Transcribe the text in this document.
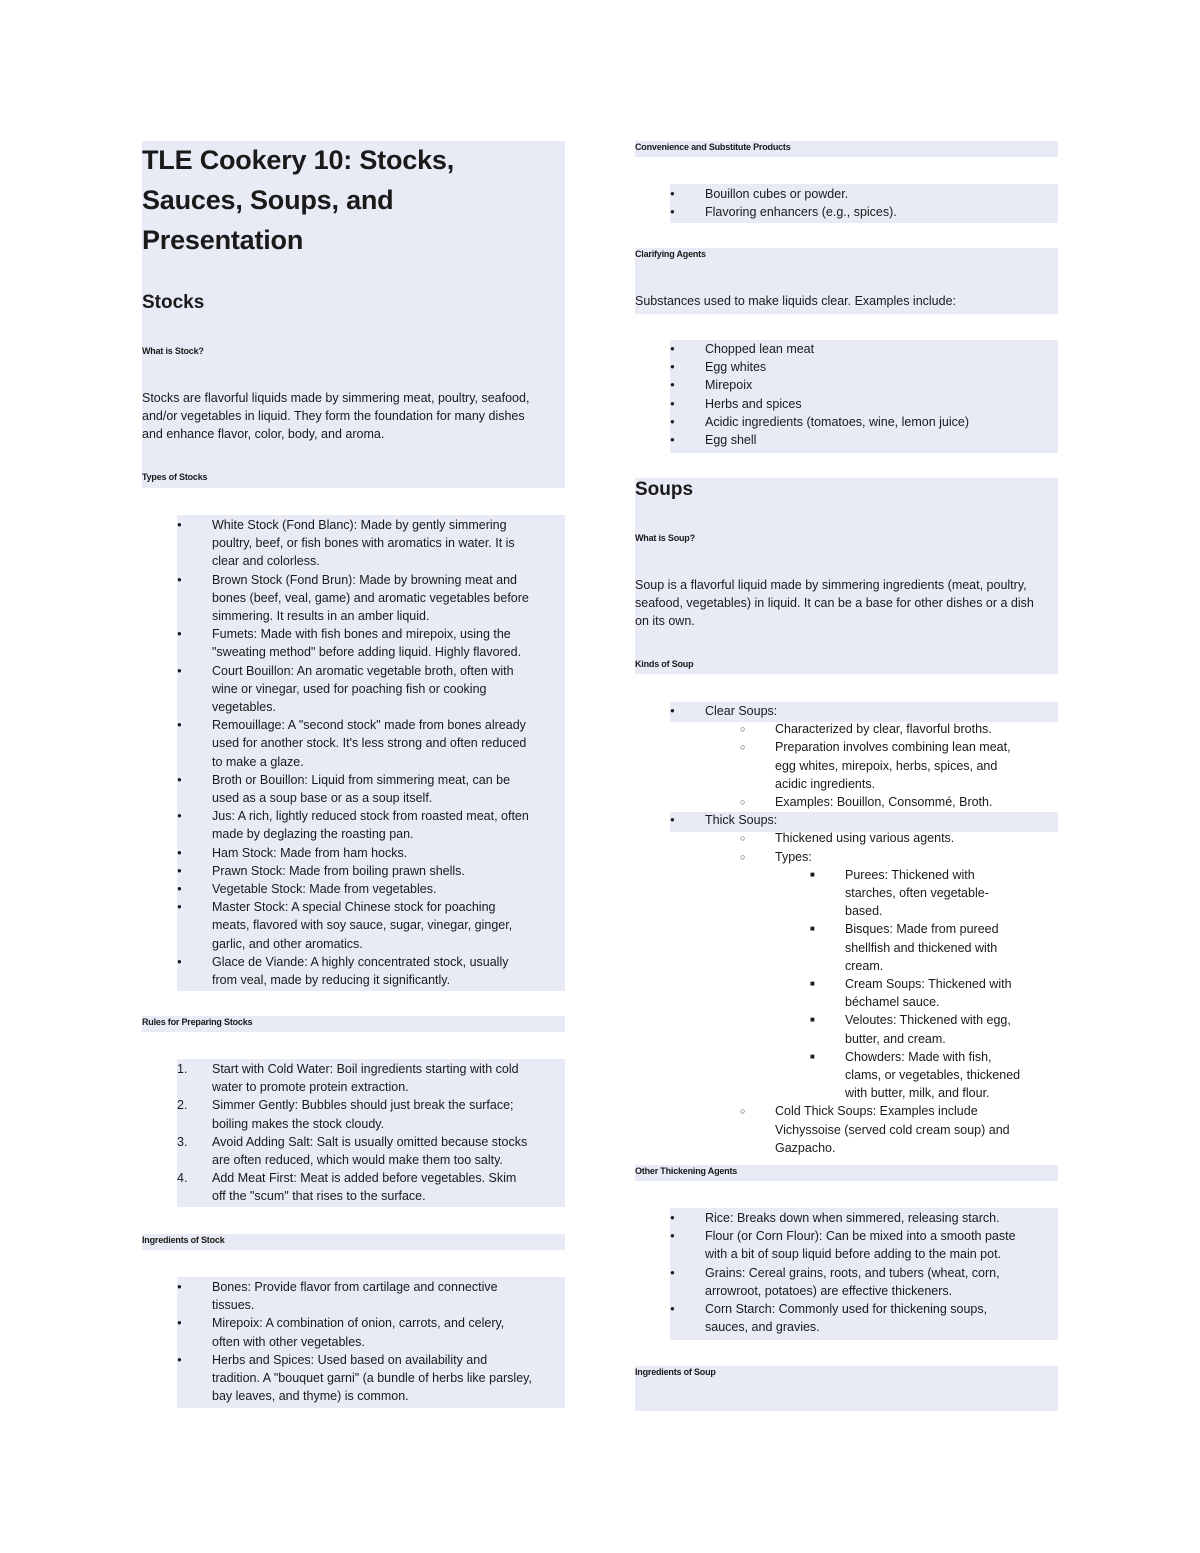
TLE Cookery 10: Stocks, Sauces, Soups, and Presentation
Stocks
What is Stock?

Stocks are flavorful liquids made by simmering meat, poultry, seafood, and/or vegetables in liquid. They form the foundation for many dishes and enhance flavor, color, body, and aroma.

Types of Stocks
● White Stock (Fond Blanc): Made by gently simmering poultry, beef, or fish bones with aromatics in water. It is clear and colorless.
● Brown Stock (Fond Brun): Made by browning meat and bones (beef, veal, game) and aromatic vegetables before simmering. It results in an amber liquid.
● Fumets: Made with fish bones and mirepoix, using the "sweating method" before adding liquid. Highly flavored.
● Court Bouillon: An aromatic vegetable broth, often with wine or vinegar, used for poaching fish or cooking vegetables.
● Remouillage: A "second stock" made from bones already used for another stock. It's less strong and often reduced to make a glaze.
● Broth or Bouillon: Liquid from simmering meat, can be used as a soup base or as a soup itself.
● Jus: A rich, lightly reduced stock from roasted meat, often made by deglazing the roasting pan.
● Ham Stock: Made from ham hocks.
● Prawn Stock: Made from boiling prawn shells.
● Vegetable Stock: Made from vegetables.
● Master Stock: A special Chinese stock for poaching meats, flavored with soy sauce, sugar, vinegar, ginger, garlic, and other aromatics.
● Glace de Viande: A highly concentrated stock, usually from veal, made by reducing it significantly.
Rules for Preparing Stocks
1. Start with Cold Water: Boil ingredients starting with cold water to promote protein extraction.
2. Simmer Gently: Bubbles should just break the surface; boiling makes the stock cloudy.
3. Avoid Adding Salt: Salt is usually omitted because stocks are often reduced, which would make them too salty.
4. Add Meat First: Meat is added before vegetables. Skim off the "scum" that rises to the surface.
Ingredients of Stock
● Bones: Provide flavor from cartilage and connective tissues.
● Mirepoix: A combination of onion, carrots, and celery, often with other vegetables.
● Herbs and Spices: Used based on availability and tradition. A "bouquet garni" (a bundle of herbs like parsley, bay leaves, and thyme) is common.
Convenience and Substitute Products
● Bouillon cubes or powder.
● Flavoring enhancers (e.g., spices).
Clarifying Agents

Substances used to make liquids clear. Examples include:

● Chopped lean meat
● Egg whites
● Mirepoix
● Herbs and spices
● Acidic ingredients (tomatoes, wine, lemon juice)
● Egg shell
Soups
What is Soup?

Soup is a flavorful liquid made by simmering ingredients (meat, poultry, seafood, vegetables) in liquid. It can be a base for other dishes or a dish on its own.

Kinds of Soup
● Clear Soups:
○ Characterized by clear, flavorful broths.
○ Preparation involves combining lean meat, egg whites, mirepoix, herbs, spices, and acidic ingredients.
○ Examples: Bouillon, Consommé, Broth.
● Thick Soups:
○ Thickened using various agents.
○ Types:
■ Purees: Thickened with starches, often vegetable-based.
■ Bisques: Made from pureed shellfish and thickened with cream.
■ Cream Soups: Thickened with béchamel sauce.
■ Veloutes: Thickened with egg, butter, and cream.
■ Chowders: Made with fish, clams, or vegetables, thickened with butter, milk, and flour.
○ Cold Thick Soups: Examples include Vichyssoise (served cold cream soup) and Gazpacho.
Other Thickening Agents
● Rice: Breaks down when simmered, releasing starch.
● Flour (or Corn Flour): Can be mixed into a smooth paste with a bit of soup liquid before adding to the main pot.
● Grains: Cereal grains, roots, and tubers (wheat, corn, arrowroot, potatoes) are effective thickeners.
● Corn Starch: Commonly used for thickening soups, sauces, and gravies.
Ingredients of Soup
